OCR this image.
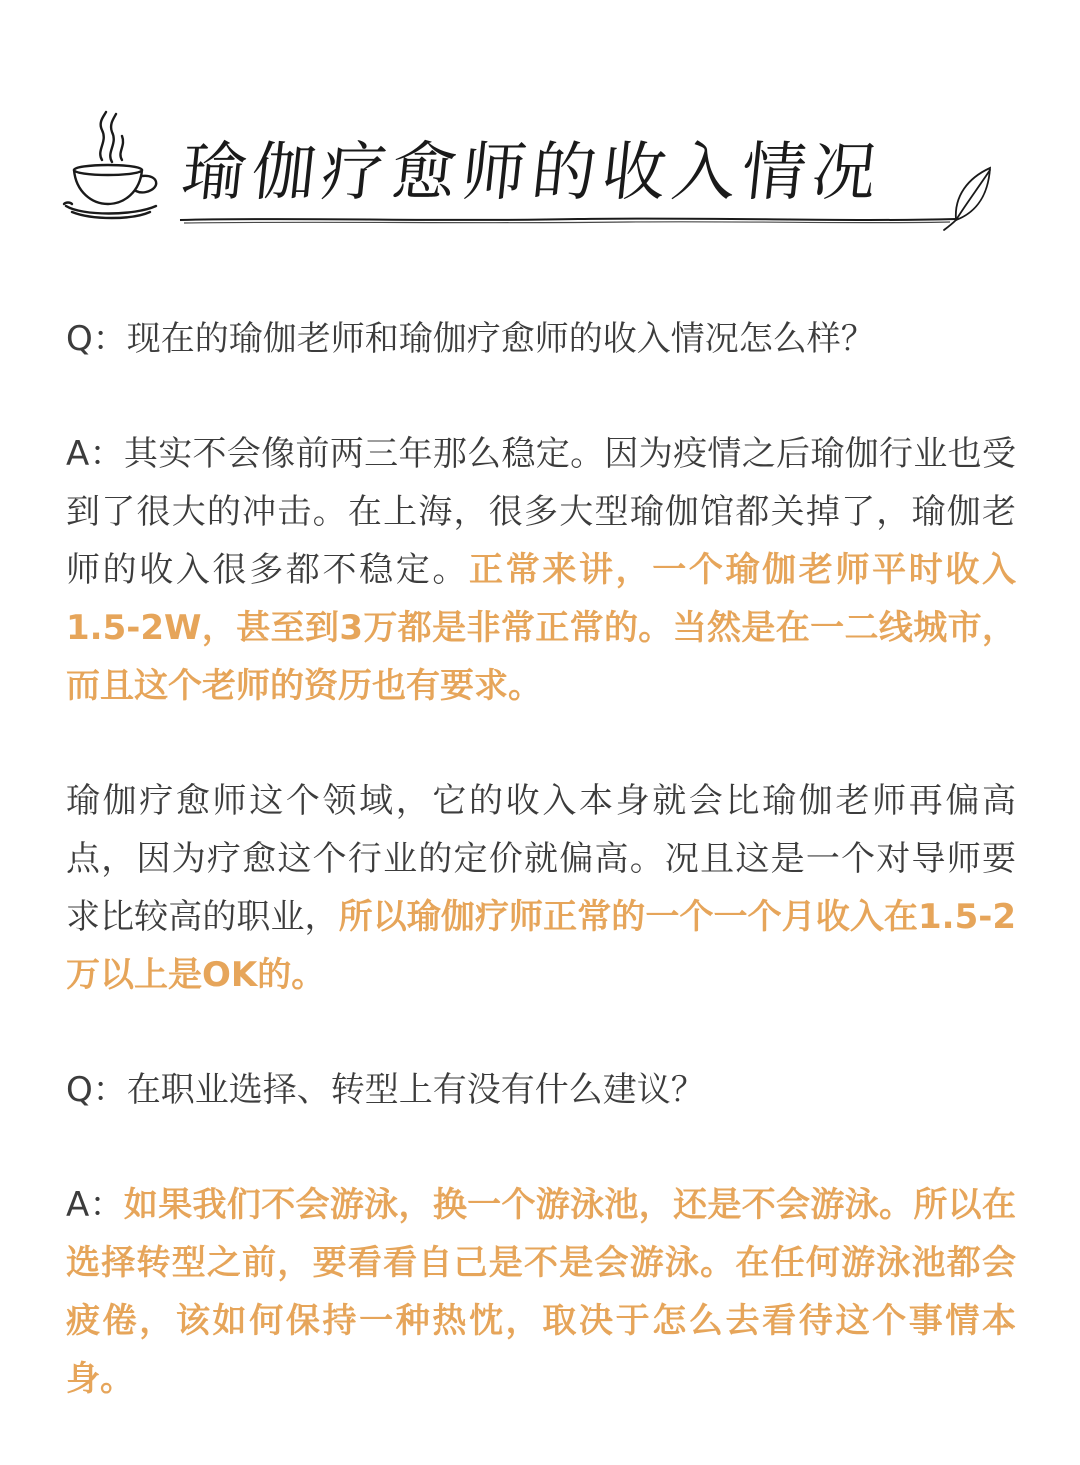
瑜伽疗愈师的收入情况

Q：现在的瑜伽老师和瑜伽疗愈师的收入情况怎么样？

A：其实不会像前两三年那么稳定。因为疫情之后瑜伽行业也受到了很大的冲击。在上海，很多大型瑜伽馆都关掉了，瑜伽老师的收入很多都不稳定。正常来讲，一个瑜伽老师平时收入1.5-2W，甚至到3万都是非常正常的。当然是在一二线城市，而且这个老师的资历也有要求。

瑜伽疗愈师这个领域，它的收入本身就会比瑜伽老师再偏高点，因为疗愈这个行业的定价就偏高。况且这是一个对导师要求比较高的职业，所以瑜伽疗师正常的一个一个月收入在1.5-2万以上是OK的。

Q：在职业选择、转型上有没有什么建议？

A：如果我们不会游泳，换一个游泳池，还是不会游泳。所以在选择转型之前，要看看自己是不是会游泳。在任何游泳池都会疲倦，该如何保持一种热忱，取决于怎么去看待这个事情本身。
